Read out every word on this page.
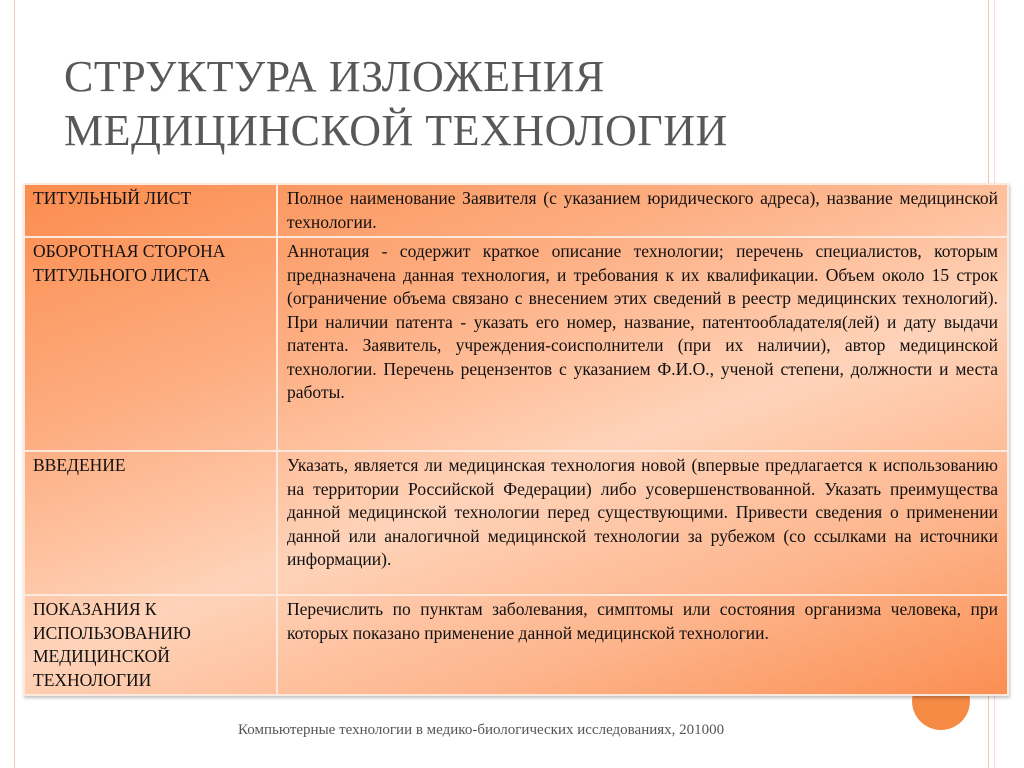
СТРУКТУРА ИЗЛОЖЕНИЯ
МЕДИЦИНСКОЙ ТЕХНОЛОГИИ
ТИТУЛЬНЫЙ ЛИСТ	Полное наименование Заявителя (с указанием юридического адреса), название медицинской технологии.
ОБОРОТНАЯ СТОРОНА ТИТУЛЬНОГО ЛИСТА	Аннотация - содержит краткое описание технологии; перечень специалистов, которым предназначена данная технология, и требования к их квалификации. Объем около 15 строк (ограничение объема связано с внесением этих сведений в реестр медицинских технологий). При наличии патента - указать его номер, название, патентообладателя(лей) и дату выдачи патента. Заявитель, учреждения-соисполнители (при их наличии), автор медицинской технологии. Перечень рецензентов с указанием Ф.И.О., ученой степени, должности и места работы.
ВВЕДЕНИЕ	Указать, является ли медицинская технология новой (впервые предлагается к использованию на территории Российской Федерации) либо усовершенствованной. Указать преимущества данной медицинской технологии перед существующими. Привести сведения о применении данной или аналогичной медицинской технологии за рубежом (со ссылками на источники информации).
ПОКАЗАНИЯ К ИСПОЛЬЗОВАНИЮ МЕДИЦИНСКОЙ ТЕХНОЛОГИИ	Перечислить по пунктам заболевания, симптомы или состояния организма человека, при которых показано применение данной медицинской технологии.
Компьютерные технологии в медико-биологических исследованиях, 201000
